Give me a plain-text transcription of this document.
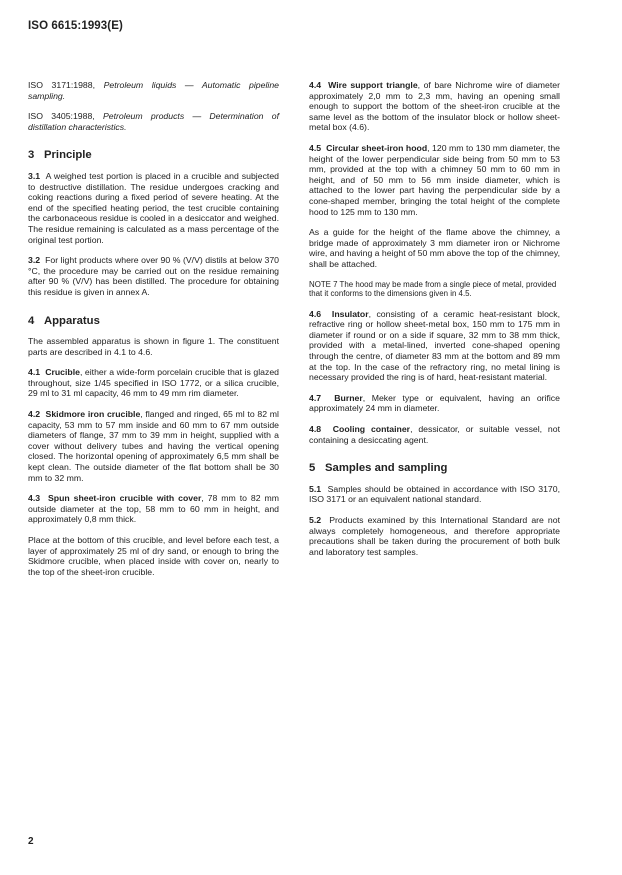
ISO 6615:1993(E)
ISO 3171:1988, Petroleum liquids — Automatic pipeline sampling.
ISO 3405:1988, Petroleum products — Determination of distillation characteristics.
3 Principle

3.1 A weighed test portion is placed in a crucible and subjected to destructive distillation. The residue undergoes cracking and coking reactions during a fixed period of severe heating. At the end of the specified heating period, the test crucible containing the carbonaceous residue is cooled in a desiccator and weighed. The residue remaining is calculated as a mass percentage of the original test portion.

3.2 For light products where over 90 % (V/V) distils at below 370 °C, the procedure may be carried out on the residue remaining after 90 % (V/V) has been distilled. The procedure for obtaining this residue is given in annex A.

4 Apparatus

The assembled apparatus is shown in figure 1. The constituent parts are described in 4.1 to 4.6.

4.1 Crucible, either a wide-form porcelain crucible that is glazed throughout, size 1/45 specified in ISO 1772, or a silica crucible, 29 ml to 31 ml capacity, 46 mm to 49 mm rim diameter.

4.2 Skidmore iron crucible, flanged and ringed, 65 ml to 82 ml capacity, 53 mm to 57 mm inside and 60 mm to 67 mm outside diameters of flange, 37 mm to 39 mm in height, supplied with a cover without delivery tubes and having the vertical opening closed. The horizontal opening of approximately 6,5 mm shall be kept clean. The outside diameter of the flat bottom shall be 30 mm to 32 mm.

4.3 Spun sheet-iron crucible with cover, 78 mm to 82 mm outside diameter at the top, 58 mm to 60 mm in height, and approximately 0,8 mm thick.

Place at the bottom of this crucible, and level before each test, a layer of approximately 25 ml of dry sand, or enough to bring the Skidmore crucible, when placed inside with cover on, nearly to the top of the sheet-iron crucible.

4.4 Wire support triangle, of bare Nichrome wire of diameter approximately 2,0 mm to 2,3 mm, having an opening small enough to support the bottom of the sheet-iron crucible at the same level as the bottom of the insulator block or hollow sheet-metal box (4.6).

4.5 Circular sheet-iron hood, 120 mm to 130 mm diameter, the height of the lower perpendicular side being from 50 mm to 53 mm, provided at the top with a chimney 50 mm to 60 mm in height, and of 50 mm to 56 mm inside diameter, which is attached to the lower part having the perpendicular side by a cone-shaped member, bringing the total height of the complete hood to 125 mm to 130 mm.

As a guide for the height of the flame above the chimney, a bridge made of approximately 3 mm diameter iron or Nichrome wire, and having a height of 50 mm above the top of the chimney, shall be attached.

NOTE 7 The hood may be made from a single piece of metal, provided that it conforms to the dimensions given in 4.5.

4.6 Insulator, consisting of a ceramic heat-resistant block, refractive ring or hollow sheet-metal box, 150 mm to 175 mm in diameter if round or on a side if square, 32 mm to 38 mm thick, provided with a metal-lined, inverted cone-shaped opening through the centre, of diameter 83 mm at the bottom and 89 mm at the top. In the case of the refractory ring, no metal lining is necessary provided the ring is of hard, heat-resistant material.

4.7 Burner, Meker type or equivalent, having an orifice approximately 24 mm in diameter.

4.8 Cooling container, dessicator, or suitable vessel, not containing a desiccating agent.

5 Samples and sampling

5.1 Samples should be obtained in accordance with ISO 3170, ISO 3171 or an equivalent national standard.

5.2 Products examined by this International Standard are not always completely homogeneous, and therefore appropriate precautions shall be taken during the procurement of both bulk and laboratory test samples.

2
